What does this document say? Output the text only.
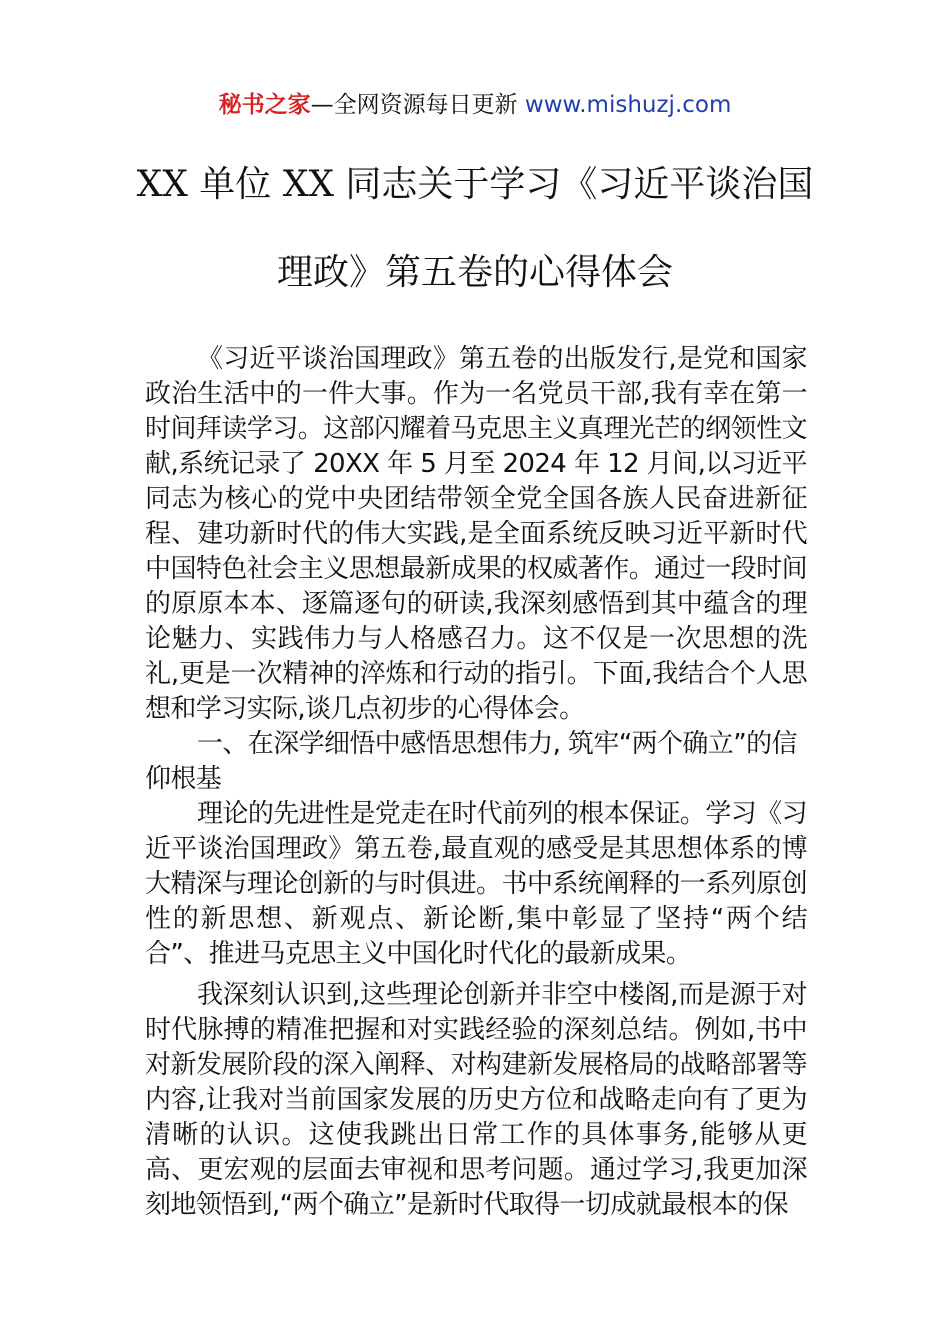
秘书之家—全网资源每日更新 www.mishuzj.com
XX 单位 XX 同志关于学习《习近平谈治国
理政》第五卷的心得体会

《习近平谈治国理政》第五卷的出版发行,是党和国家政治生活中的一件大事。作为一名党员干部,我有幸在第一时间拜读学习。这部闪耀着马克思主义真理光芒的纲领性文献,系统记录了 20XX 年 5 月至 2024 年 12 月间,以习近平同志为核心的党中央团结带领全党全国各族人民奋进新征程、建功新时代的伟大实践,是全面系统反映习近平新时代中国特色社会主义思想最新成果的权威著作。通过一段时间的原原本本、逐篇逐句的研读,我深刻感悟到其中蕴含的理论魅力、实践伟力与人格感召力。这不仅是一次思想的洗礼,更是一次精神的淬炼和行动的指引。下面,我结合个人思想和学习实际,谈几点初步的心得体会。

一、在深学细悟中感悟思想伟力, 筑牢“两个确立”的信仰根基

理论的先进性是党走在时代前列的根本保证。学习《习近平谈治国理政》第五卷,最直观的感受是其思想体系的博大精深与理论创新的与时俱进。书中系统阐释的一系列原创性的新思想、新观点、新论断,集中彰显了坚持“两个结合”、推进马克思主义中国化时代化的最新成果。

我深刻认识到,这些理论创新并非空中楼阁,而是源于对时代脉搏的精准把握和对实践经验的深刻总结。例如,书中对新发展阶段的深入阐释、对构建新发展格局的战略部署等内容,让我对当前国家发展的历史方位和战略走向有了更为清晰的认识。这使我跳出日常工作的具体事务,能够从更高、更宏观的层面去审视和思考问题。通过学习,我更加深刻地领悟到,“两个确立”是新时代取得一切成就最根本的保
